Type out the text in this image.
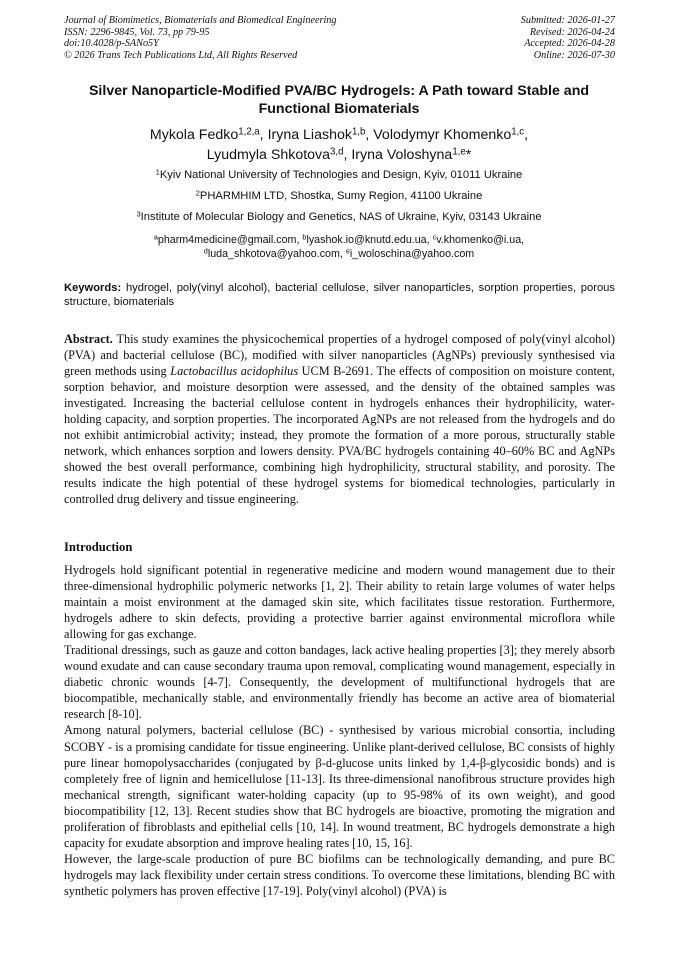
Journal of Biomimetics, Biomaterials and Biomedical Engineering
ISSN: 2296-9845, Vol. 73, pp 79-95
doi:10.4028/p-SANo5Y
© 2026 Trans Tech Publications Ltd, All Rights Reserved
Submitted: 2026-01-27
Revised: 2026-04-24
Accepted: 2026-04-28
Online: 2026-07-30
Silver Nanoparticle-Modified PVA/BC Hydrogels: A Path toward Stable and Functional Biomaterials
Mykola Fedko$^{1,2,a}$, Iryna Liashok$^{1,b}$, Volodymyr Khomenko$^{1,c}$,
Lyudmyla Shkotova$^{3,d}$, Iryna Voloshyna$^{1,e}$*
$^1$Kyiv National University of Technologies and Design, Kyiv, 01011 Ukraine
$^2$PHARMHIM LTD, Shostka, Sumy Region, 41100 Ukraine
$^3$Institute of Molecular Biology and Genetics, NAS of Ukraine, Kyiv, 03143 Ukraine
$^a$pharm4medicine@gmail.com, $^b$lyashok.io@knutd.edu.ua, $^c$v.khomenko@i.ua,
$^d$luda_shkotova@yahoo.com, $^e$i_woloschina@yahoo.com
Keywords: hydrogel, poly(vinyl alcohol), bacterial cellulose, silver nanoparticles, sorption properties, porous structure, biomaterials
Abstract. This study examines the physicochemical properties of a hydrogel composed of poly(vinyl alcohol) (PVA) and bacterial cellulose (BC), modified with silver nanoparticles (AgNPs) previously synthesised via green methods using Lactobacillus acidophilus UCM B-2691. The effects of composition on moisture content, sorption behavior, and moisture desorption were assessed, and the density of the obtained samples was investigated. Increasing the bacterial cellulose content in hydrogels enhances their hydrophilicity, water-holding capacity, and sorption properties. The incorporated AgNPs are not released from the hydrogels and do not exhibit antimicrobial activity; instead, they promote the formation of a more porous, structurally stable network, which enhances sorption and lowers density. PVA/BC hydrogels containing 40–60% BC and AgNPs showed the best overall performance, combining high hydrophilicity, structural stability, and porosity. The results indicate the high potential of these hydrogel systems for biomedical technologies, particularly in controlled drug delivery and tissue engineering.
Introduction

Hydrogels hold significant potential in regenerative medicine and modern wound management due to their three-dimensional hydrophilic polymeric networks [1, 2]. Their ability to retain large volumes of water helps maintain a moist environment at the damaged skin site, which facilitates tissue restoration. Furthermore, hydrogels adhere to skin defects, providing a protective barrier against environmental microflora while allowing for gas exchange.

Traditional dressings, such as gauze and cotton bandages, lack active healing properties [3]; they merely absorb wound exudate and can cause secondary trauma upon removal, complicating wound management, especially in diabetic chronic wounds [4-7]. Consequently, the development of multifunctional hydrogels that are biocompatible, mechanically stable, and environmentally friendly has become an active area of biomaterial research [8-10].

Among natural polymers, bacterial cellulose (BC) - synthesised by various microbial consortia, including SCOBY - is a promising candidate for tissue engineering. Unlike plant-derived cellulose, BC consists of highly pure linear homopolysaccharides (conjugated by β-d-glucose units linked by 1,4-β-glycosidic bonds) and is completely free of lignin and hemicellulose [11-13]. Its three-dimensional nanofibrous structure provides high mechanical strength, significant water-holding capacity (up to 95-98% of its own weight), and good biocompatibility [12, 13]. Recent studies show that BC hydrogels are bioactive, promoting the migration and proliferation of fibroblasts and epithelial cells [10, 14]. In wound treatment, BC hydrogels demonstrate a high capacity for exudate absorption and improve healing rates [10, 15, 16].

However, the large-scale production of pure BC biofilms can be technologically demanding, and pure BC hydrogels may lack flexibility under certain stress conditions. To overcome these limitations, blending BC with synthetic polymers has proven effective [17-19]. Poly(vinyl alcohol) (PVA) is
